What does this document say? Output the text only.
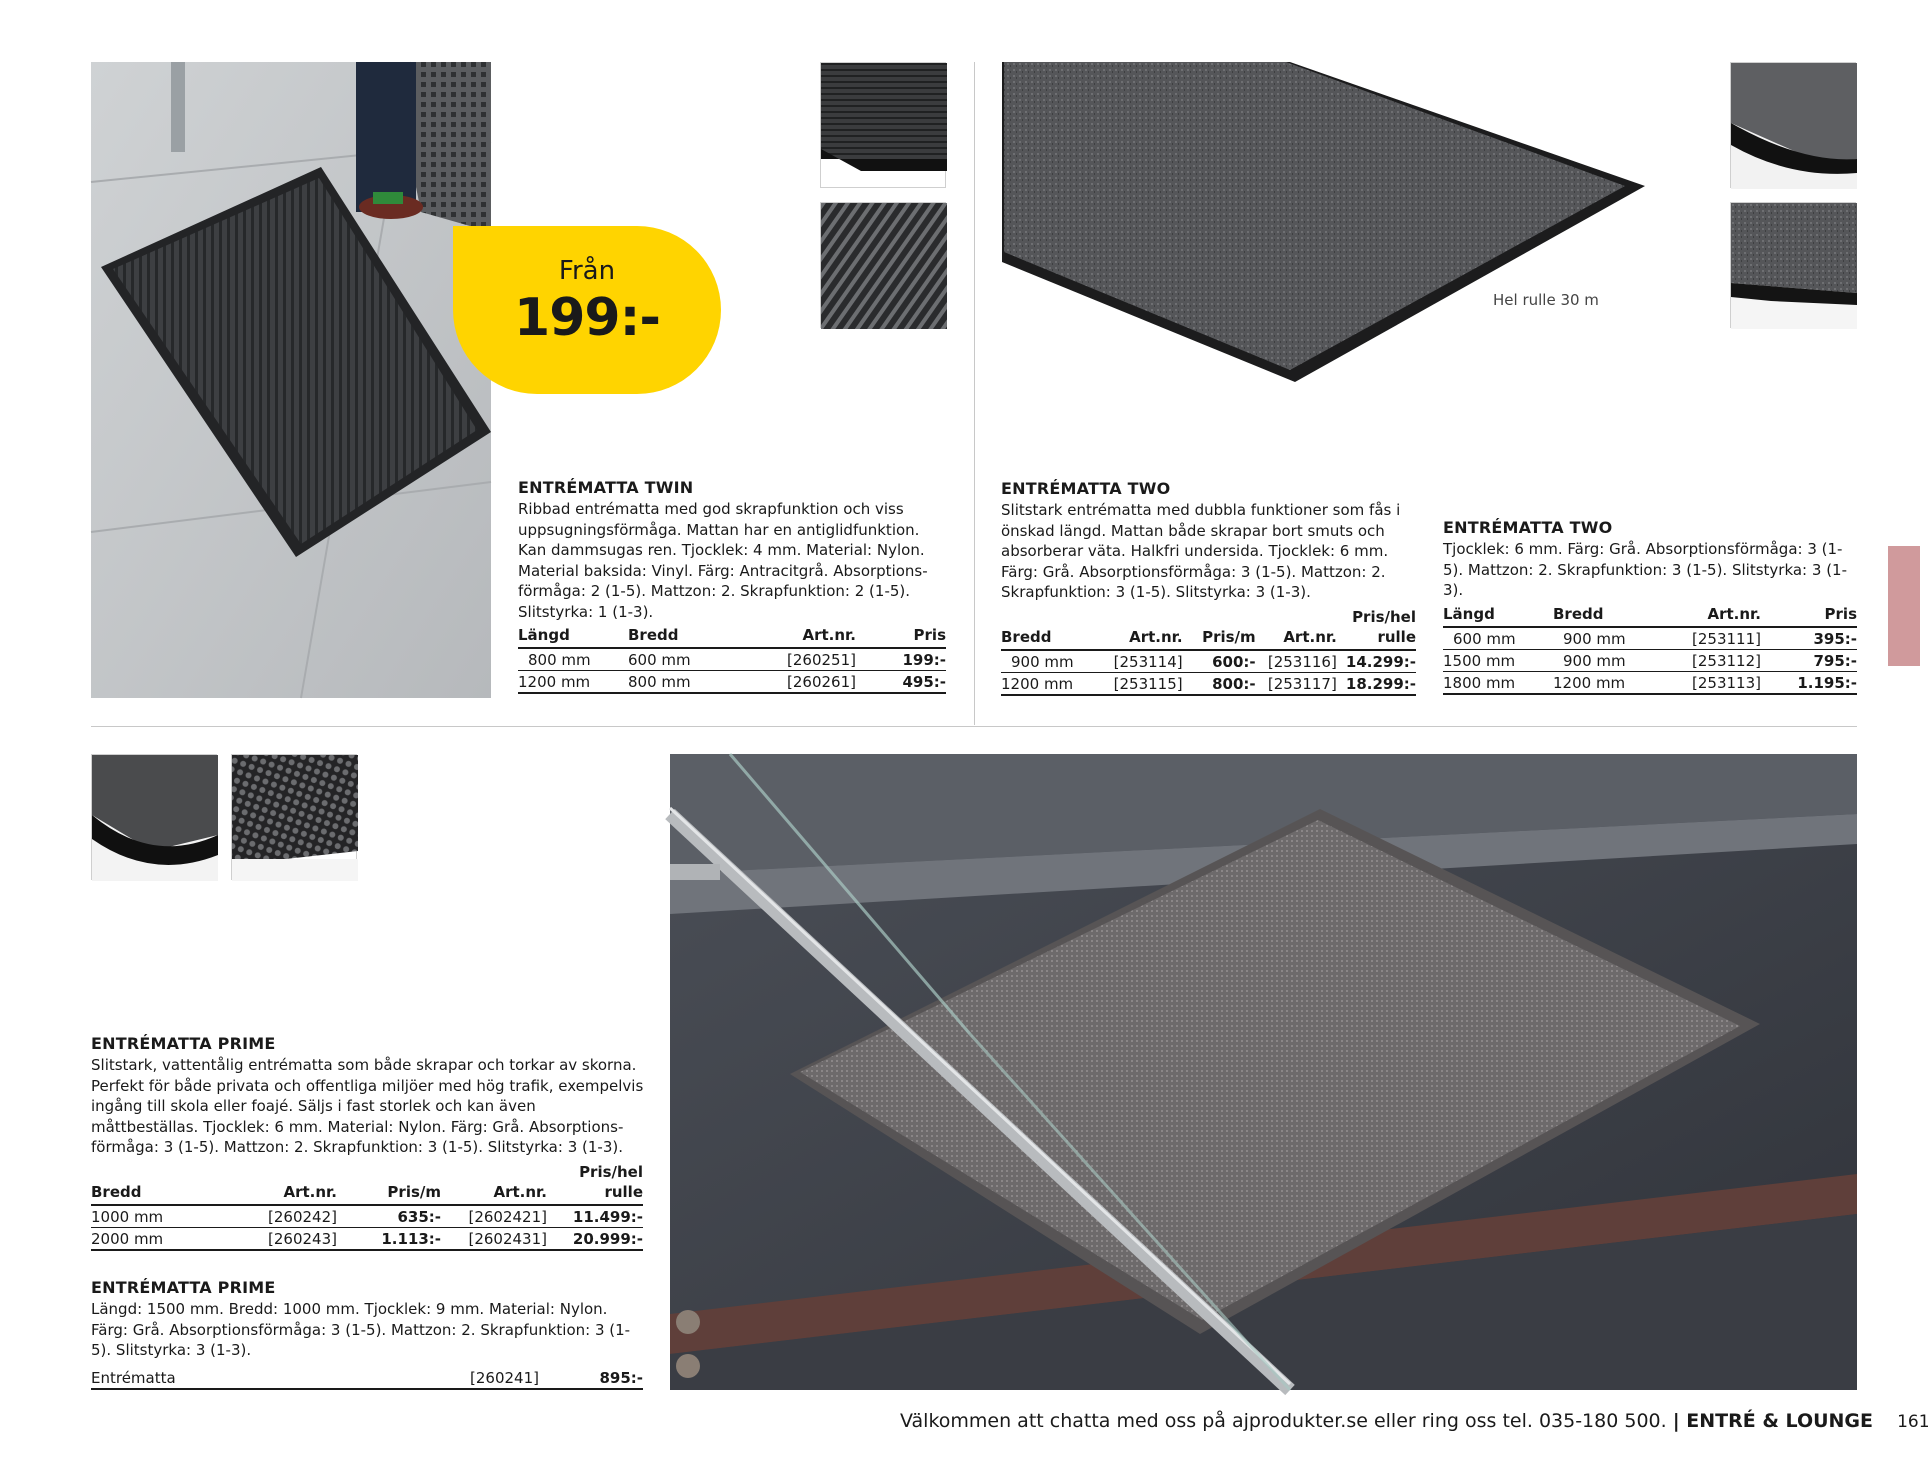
Från
199:-
ENTRÉMATTA TWIN
Ribbad entrématta med god skrapfunktion och viss uppsugningsförmåga. Mattan har en antiglidfunktion. Kan dammsugas ren. Tjocklek: 4 mm. Material: Nylon. Material baksida: Vinyl. Färg: Antracitgrå. Absorptions-förmåga: 2 (1-5). Mattzon: 2. Skrapfunktion: 2 (1-5). Slitstyrka: 1 (1-3).
Längd	Bredd	Art.nr.	Pris
800 mm	600 mm	[260251]	199:-
1200 mm	800 mm	[260261]	495:-
Hel rulle 30 m
ENTRÉMATTA TWO
Slitstark entrématta med dubbla funktioner som fås i önskad längd. Mattan både skrapar bort smuts och absorberar väta. Halkfri undersida. Tjocklek: 6 mm. Färg: Grå. Absorptionsförmåga: 3 (1-5). Mattzon: 2. Skrapfunktion: 3 (1-5). Slitstyrka: 3 (1-3).
Bredd	Art.nr.	Pris/m	Art.nr.	Pris/hel rulle
900 mm	[253114]	600:-	[253116]	14.299:-
1200 mm	[253115]	800:-	[253117]	18.299:-
ENTRÉMATTA TWO
Tjocklek: 6 mm. Färg: Grå. Absorptionsförmåga: 3 (1-5). Mattzon: 2. Skrapfunktion: 3 (1-5). Slitstyrka: 3 (1-3).
Längd	Bredd	Art.nr.	Pris
600 mm	900 mm	[253111]	395:-
1500 mm	900 mm	[253112]	795:-
1800 mm	1200 mm	[253113]	1.195:-
ENTRÉMATTA PRIME
Slitstark, vattentålig entrématta som både skrapar och torkar av skorna. Perfekt för både privata och offentliga miljöer med hög trafik, exempelvis ingång till skola eller foajé. Säljs i fast storlek och kan även måttbeställas. Tjocklek: 6 mm. Material: Nylon. Färg: Grå. Absorptions-förmåga: 3 (1-5). Mattzon: 2. Skrapfunktion: 3 (1-5). Slitstyrka: 3 (1-3).
Bredd	Art.nr.	Pris/m	Art.nr.	Pris/hel rulle
1000 mm	[260242]	635:-	[2602421]	11.499:-
2000 mm	[260243]	1.113:-	[2602431]	20.999:-
ENTRÉMATTA PRIME
Längd: 1500 mm. Bredd: 1000 mm. Tjocklek: 9 mm. Material: Nylon. Färg: Grå. Absorptionsförmåga: 3 (1-5). Mattzon: 2. Skrapfunktion: 3 (1-5). Slitstyrka: 3 (1-3).
Entrématta	[260241]	895:-
Välkommen att chatta med oss på ajprodukter.se eller ring oss tel. 035-180 500. | ENTRÉ & LOUNGE 161
